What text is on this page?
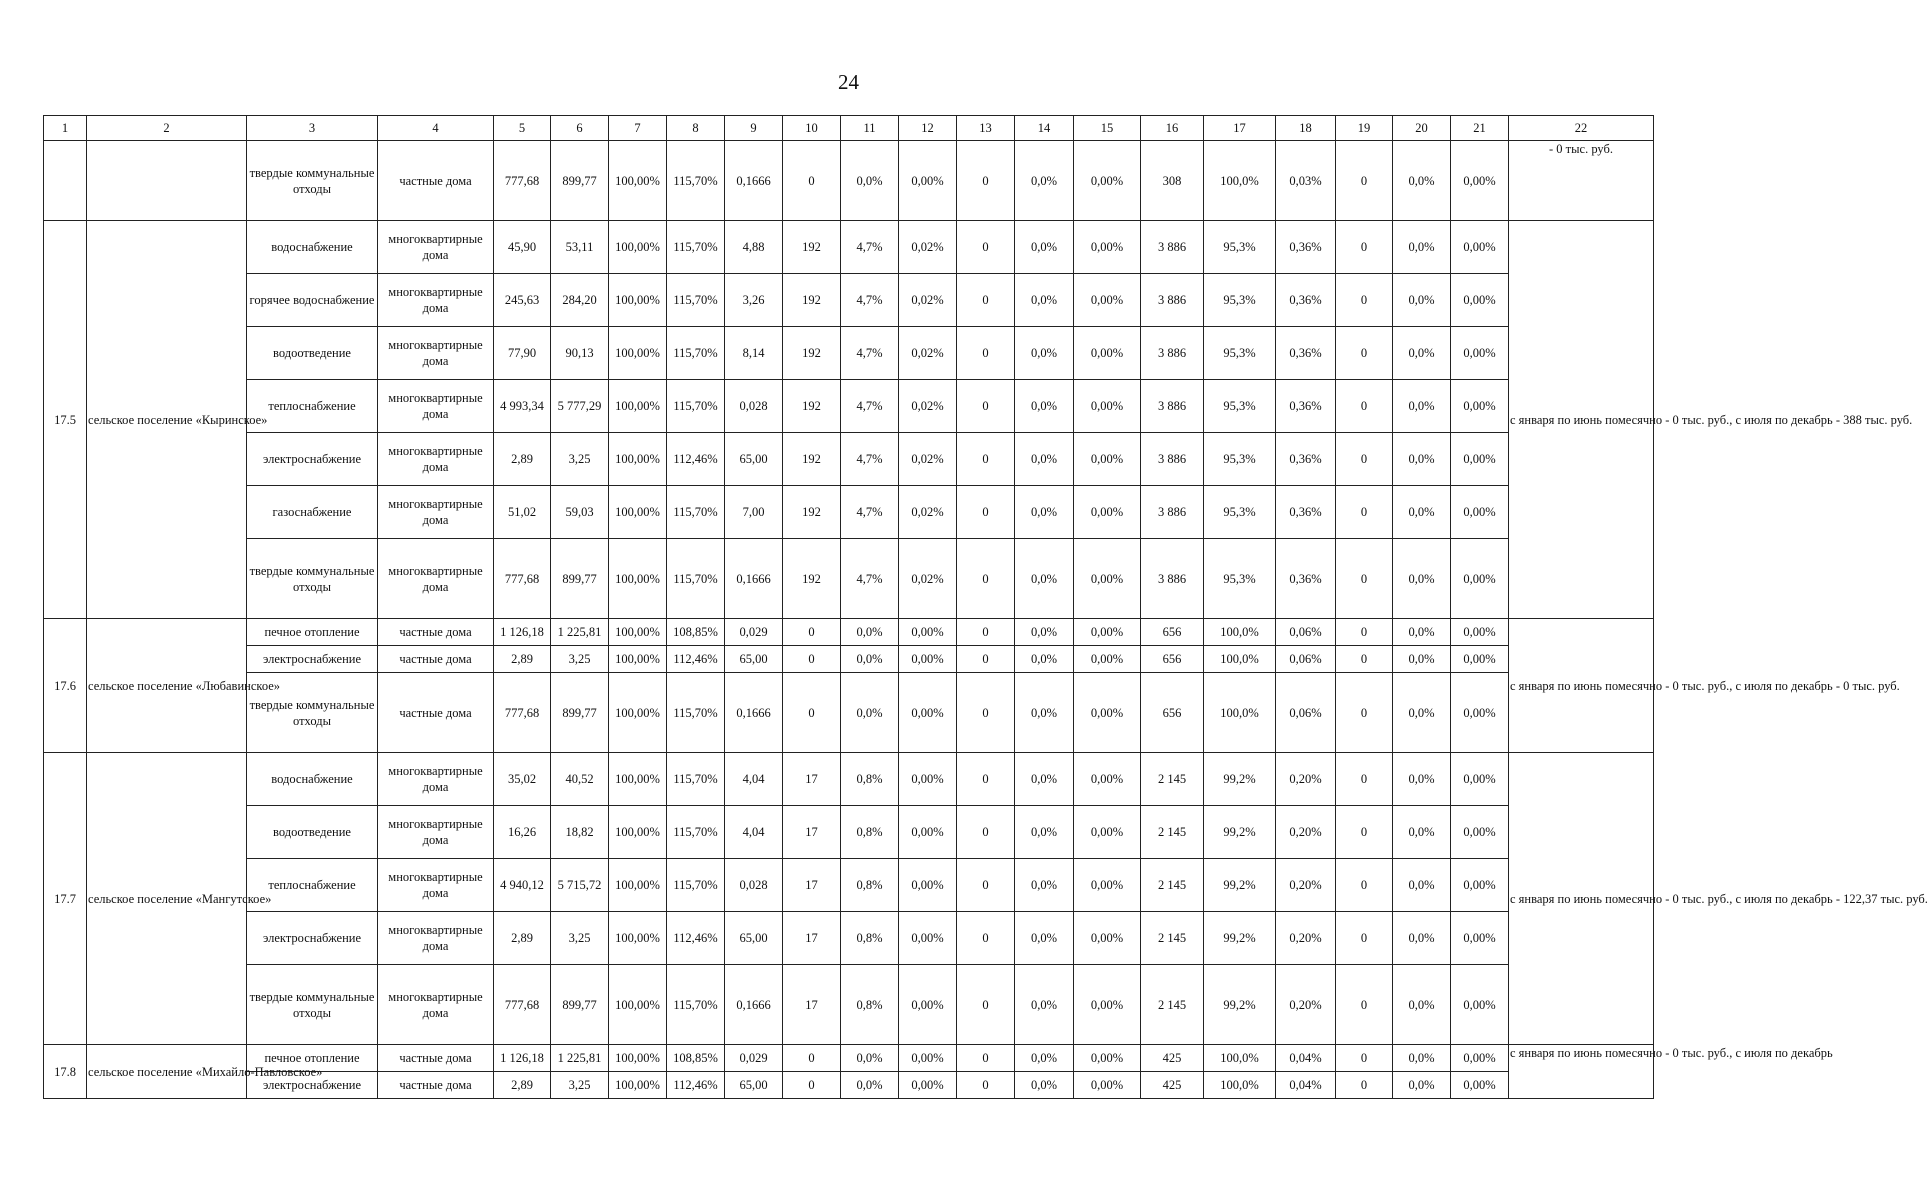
24
1	2	3	4	5	6	7	8	9	10	11	12	13	14	15	16	17	18	19	20	21	22
		твердые коммунальные отходы	частные дома	777,68	899,77	100,00%	115,70%	0,1666	0	0,0%	0,00%	0	0,0%	0,00%	308	100,0%	0,03%	0	0,0%	0,00%	- 0 тыс. руб.
17.5	сельское поселение «Кыринское»	водоснабжение	многоквартирные дома	45,90	53,11	100,00%	115,70%	4,88	192	4,7%	0,02%	0	0,0%	0,00%	3 886	95,3%	0,36%	0	0,0%	0,00%	с января по июнь помесячно - 0 тыс. руб., с июля по декабрь - 388 тыс. руб.
		горячее водоснабжение	многоквартирные дома	245,63	284,20	100,00%	115,70%	3,26	192	4,7%	0,02%	0	0,0%	0,00%	3 886	95,3%	0,36%	0	0,0%	0,00%	
		водоотведение	многоквартирные дома	77,90	90,13	100,00%	115,70%	8,14	192	4,7%	0,02%	0	0,0%	0,00%	3 886	95,3%	0,36%	0	0,0%	0,00%	
		теплоснабжение	многоквартирные дома	4 993,34	5 777,29	100,00%	115,70%	0,028	192	4,7%	0,02%	0	0,0%	0,00%	3 886	95,3%	0,36%	0	0,0%	0,00%	
		электроснабжение	многоквартирные дома	2,89	3,25	100,00%	112,46%	65,00	192	4,7%	0,02%	0	0,0%	0,00%	3 886	95,3%	0,36%	0	0,0%	0,00%	
		газоснабжение	многоквартирные дома	51,02	59,03	100,00%	115,70%	7,00	192	4,7%	0,02%	0	0,0%	0,00%	3 886	95,3%	0,36%	0	0,0%	0,00%	
		твердые коммунальные отходы	многоквартирные дома	777,68	899,77	100,00%	115,70%	0,1666	192	4,7%	0,02%	0	0,0%	0,00%	3 886	95,3%	0,36%	0	0,0%	0,00%	
17.6	сельское поселение «Любавинское»	печное отопление	частные дома	1 126,18	1 225,81	100,00%	108,85%	0,029	0	0,0%	0,00%	0	0,0%	0,00%	656	100,0%	0,06%	0	0,0%	0,00%	с января по июнь помесячно - 0 тыс. руб., с июля по декабрь - 0 тыс. руб.
		электроснабжение	частные дома	2,89	3,25	100,00%	112,46%	65,00	0	0,0%	0,00%	0	0,0%	0,00%	656	100,0%	0,06%	0	0,0%	0,00%	
		твердые коммунальные отходы	частные дома	777,68	899,77	100,00%	115,70%	0,1666	0	0,0%	0,00%	0	0,0%	0,00%	656	100,0%	0,06%	0	0,0%	0,00%	
17.7	сельское поселение «Мангутское»	водоснабжение	многоквартирные дома	35,02	40,52	100,00%	115,70%	4,04	17	0,8%	0,00%	0	0,0%	0,00%	2 145	99,2%	0,20%	0	0,0%	0,00%	с января по июнь помесячно - 0 тыс. руб., с июля по декабрь - 122,37 тыс. руб.
		водоотведение	многоквартирные дома	16,26	18,82	100,00%	115,70%	4,04	17	0,8%	0,00%	0	0,0%	0,00%	2 145	99,2%	0,20%	0	0,0%	0,00%	
		теплоснабжение	многоквартирные дома	4 940,12	5 715,72	100,00%	115,70%	0,028	17	0,8%	0,00%	0	0,0%	0,00%	2 145	99,2%	0,20%	0	0,0%	0,00%	
		электроснабжение	многоквартирные дома	2,89	3,25	100,00%	112,46%	65,00	17	0,8%	0,00%	0	0,0%	0,00%	2 145	99,2%	0,20%	0	0,0%	0,00%	
		твердые коммунальные отходы	многоквартирные дома	777,68	899,77	100,00%	115,70%	0,1666	17	0,8%	0,00%	0	0,0%	0,00%	2 145	99,2%	0,20%	0	0,0%	0,00%	
17.8	сельское поселение «Михайло-Павловское»	печное отопление	частные дома	1 126,18	1 225,81	100,00%	108,85%	0,029	0	0,0%	0,00%	0	0,0%	0,00%	425	100,0%	0,04%	0	0,0%	0,00%	с января по июнь помесячно - 0 тыс. руб., с июля по декабрь
		электроснабжение	частные дома	2,89	3,25	100,00%	112,46%	65,00	0	0,0%	0,00%	0	0,0%	0,00%	425	100,0%	0,04%	0	0,0%	0,00%	
